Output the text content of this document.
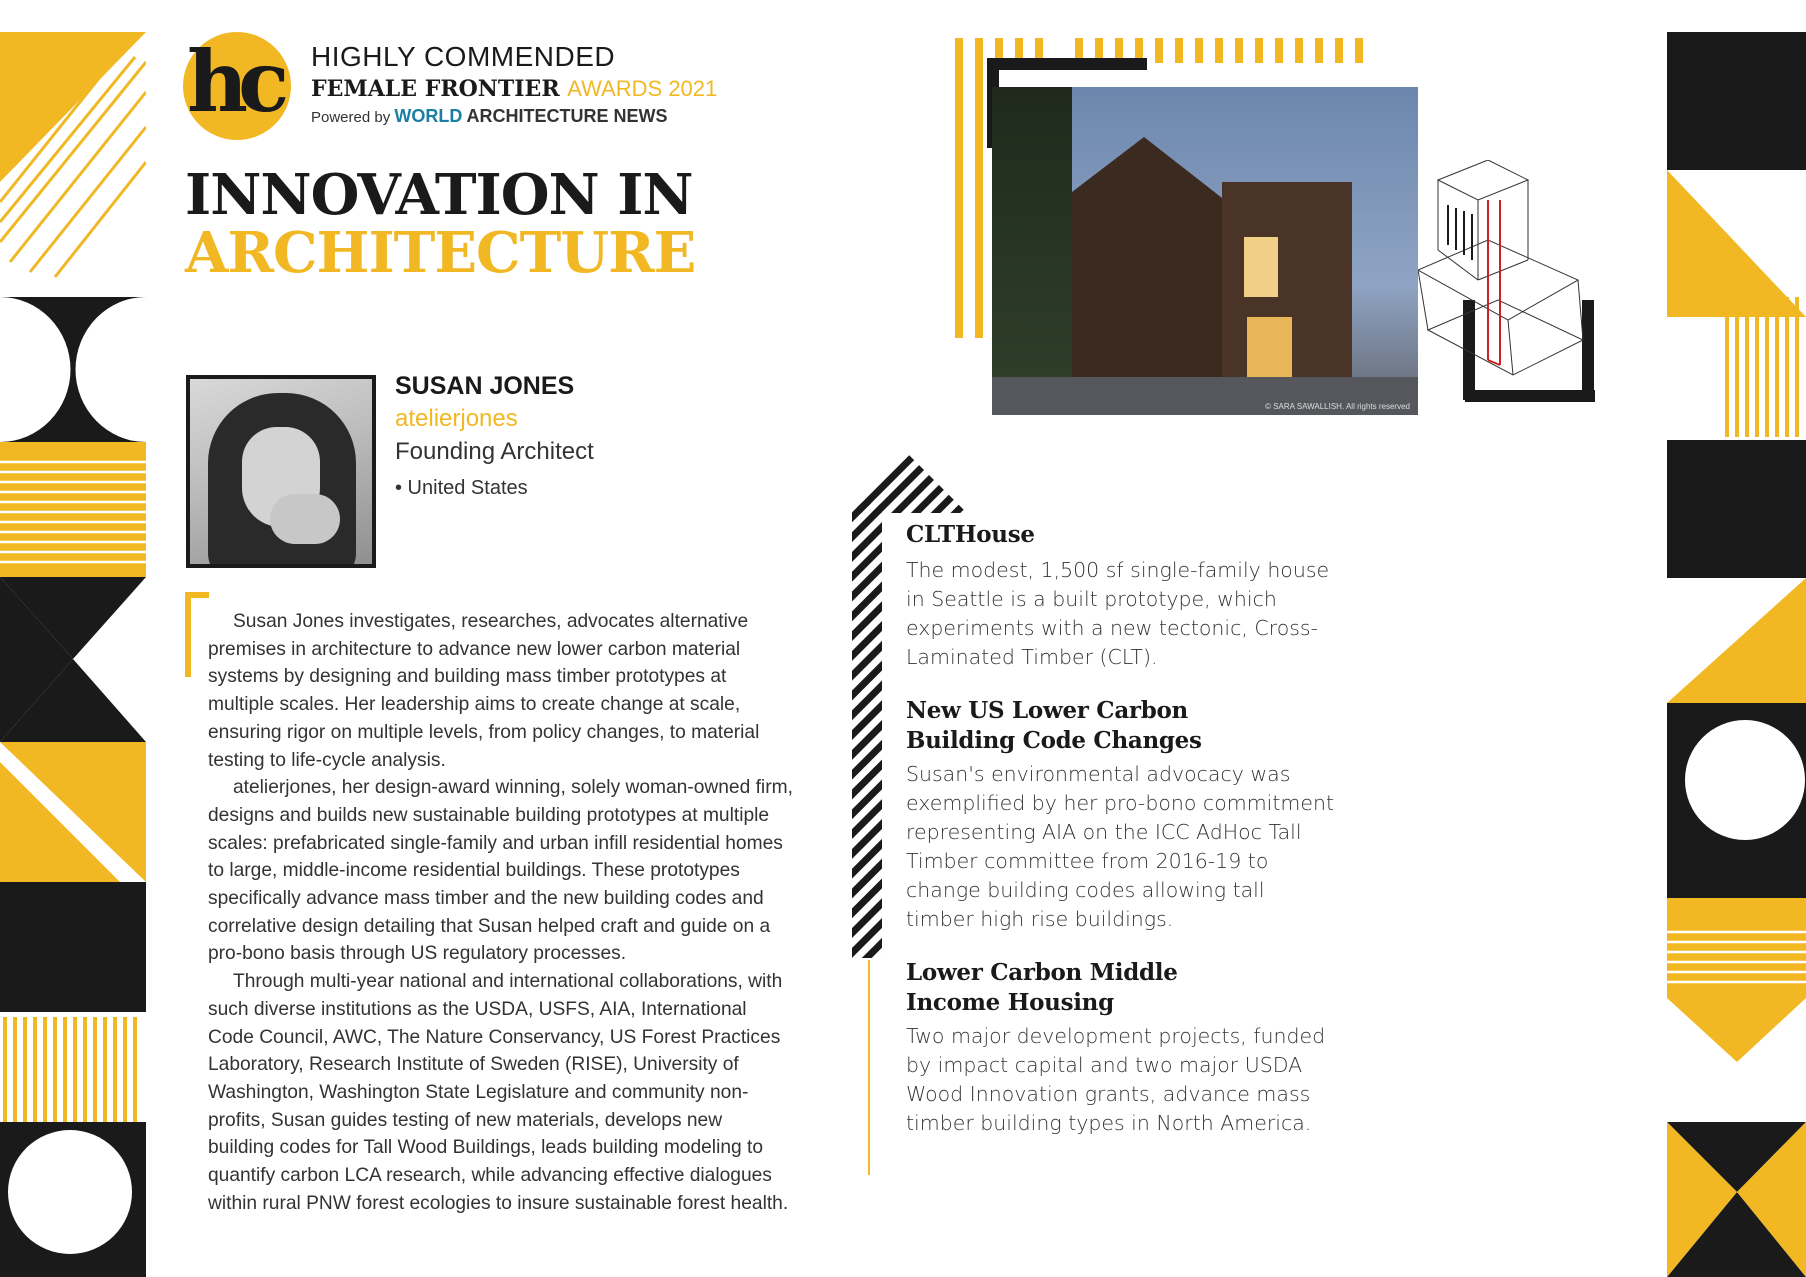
hc HIGHLY COMMENDED
FEMALE FRONTIER AWARDS 2021
Powered by WORLD ARCHITECTURE NEWS
INNOVATION IN
ARCHITECTURE
SUSAN JONES
atelierjones
Founding Architect
• United States

Susan Jones investigates, researches, advocates alternative premises in architecture to advance new lower carbon material systems by designing and building mass timber prototypes at multiple scales. Her leadership aims to create change at scale, ensuring rigor on multiple levels, from policy changes, to material testing to life-cycle analysis.

atelierjones, her design-award winning, solely woman-owned firm, designs and builds new sustainable building prototypes at multiple scales: prefabricated single-family and urban infill residential homes to large, middle-income residential buildings. These prototypes specifically advance mass timber and the new building codes and correlative design detailing that Susan helped craft and guide on a pro-bono basis through US regulatory processes.

Through multi-year national and international collaborations, with such diverse institutions as the USDA, USFS, AIA, International Code Council, AWC, The Nature Conservancy, US Forest Practices Laboratory, Research Institute of Sweden (RISE), University of Washington, Washington State Legislature and community non-profits, Susan guides testing of new materials, develops new building codes for Tall Wood Buildings, leads building modeling to quantify carbon LCA research, while advancing effective dialogues within rural PNW forest ecologies to insure sustainable forest health.

© SARA SAWALLISH. All rights reserved
CLTHouse
The modest, 1,500 sf single-family house in Seattle is a built prototype, which experiments with a new tectonic, Cross-Laminated Timber (CLT).
New US Lower Carbon Building Code Changes
Susan's environmental advocacy was exemplified by her pro-bono commitment representing AIA on the ICC AdHoc Tall Timber committee from 2016-19 to change building codes allowing tall timber high rise buildings.
Lower Carbon Middle Income Housing
Two major development projects, funded by impact capital and two major USDA Wood Innovation grants, advance mass timber building types in North America.
